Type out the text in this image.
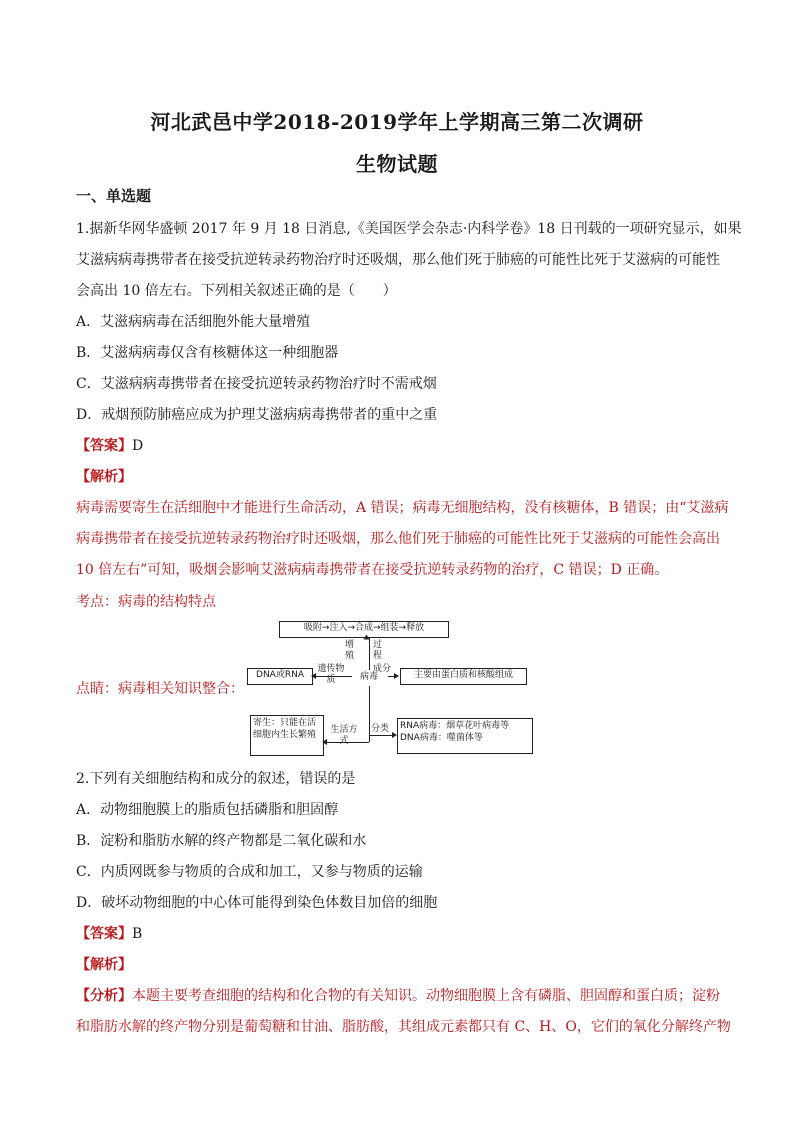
河北武邑中学2018-2019学年上学期高三第二次调研
生物试题
一、单选题
1.据新华网华盛顿 2017 年 9 月 18 日消息,《美国医学会杂志·内科学卷》18 日刊载的一项研究显示，如果
艾滋病病毒携带者在接受抗逆转录药物治疗时还吸烟，那么他们死于肺癌的可能性比死于艾滋病的可能性
会高出 10 倍左右。下列相关叙述正确的是（　　）
A．艾滋病病毒在活细胞外能大量增殖
B．艾滋病病毒仅含有核糖体这一种细胞器
C．艾滋病病毒携带者在接受抗逆转录药物治疗时不需戒烟
D．戒烟预防肺癌应成为护理艾滋病病毒携带者的重中之重
【答案】D
【解析】
病毒需要寄生在活细胞中才能进行生命活动，A 错误；病毒无细胞结构，没有核糖体，B 错误；由“艾滋病
病毒携带者在接受抗逆转录药物治疗时还吸烟，那么他们死于肺癌的可能性比死于艾滋病的可能性会高出
10 倍左右”可知，吸烟会影响艾滋病病毒携带者在接受抗逆转录药物的治疗，C 错误；D 正确。
考点：病毒的结构特点
点睛：病毒相关知识整合：
吸附→注入→合成→组装→释放
增殖
过程
病毒
DNA或RNA
遗传物质
成分
主要由蛋白质和核酸组成
寄生：只能在活细胞内生长繁殖	生活方式
分类	RNA病毒：烟草花叶病毒等
DNA病毒：噬菌体等
2.下列有关细胞结构和成分的叙述，错误的是
A．动物细胞膜上的脂质包括磷脂和胆固醇
B．淀粉和脂肪水解的终产物都是二氧化碳和水
C．内质网既参与物质的合成和加工，又参与物质的运输
D．破坏动物细胞的中心体可能得到染色体数目加倍的细胞
【答案】B
【解析】
【分析】本题主要考查细胞的结构和化合物的有关知识。动物细胞膜上含有磷脂、胆固醇和蛋白质；淀粉
和脂肪水解的终产物分别是葡萄糖和甘油、脂肪酸，其组成元素都只有 C、H、O，它们的氧化分解终产物
